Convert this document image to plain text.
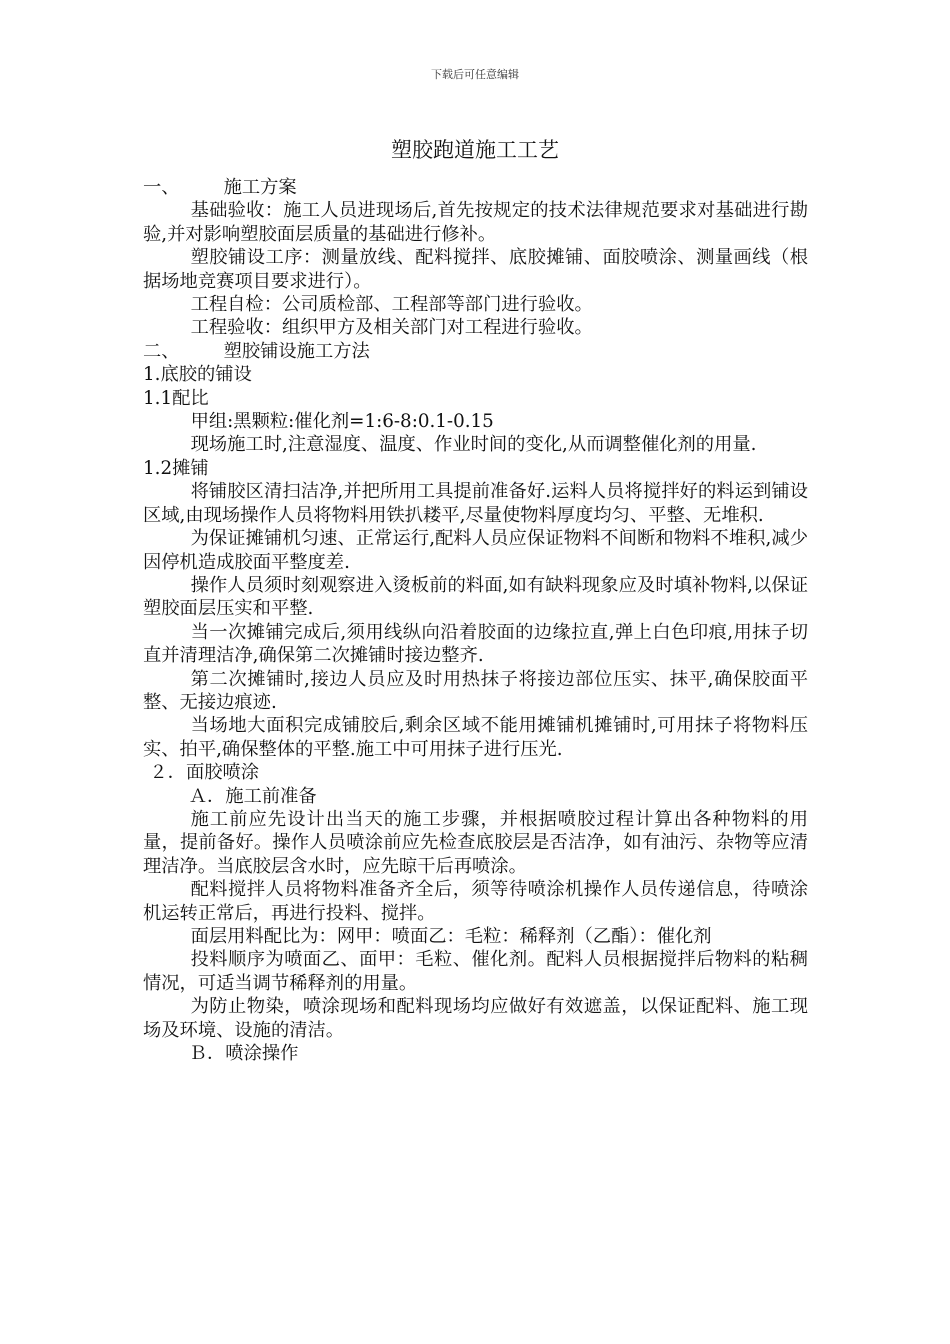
下载后可任意编辑
塑胶跑道施工工艺

一、 施工方案

基础验收：施工人员进现场后,首先按规定的技术法律规范要求对基础进行勘验,并对影响塑胶面层质量的基础进行修补。

塑胶铺设工序：测量放线、配料搅拌、底胶摊铺、面胶喷涂、测量画线（根据场地竞赛项目要求进行）。

工程自检：公司质检部、工程部等部门进行验收。

工程验收：组织甲方及相关部门对工程进行验收。

二、 塑胶铺设施工方法

1.底胶的铺设

1.1配比

甲组:黑颗粒:催化剂=1:6-8:0.1-0.15

现场施工时,注意湿度、温度、作业时间的变化,从而调整催化剂的用量.

1.2摊铺

将铺胶区清扫洁净,并把所用工具提前准备好.运料人员将搅拌好的料运到铺设区域,由现场操作人员将物料用铁扒耧平,尽量使物料厚度均匀、平整、无堆积.

为保证摊铺机匀速、正常运行,配料人员应保证物料不间断和物料不堆积,减少因停机造成胶面平整度差.

操作人员须时刻观察进入烫板前的料面,如有缺料现象应及时填补物料,以保证塑胶面层压实和平整.

当一次摊铺完成后,须用线纵向沿着胶面的边缘拉直,弹上白色印痕,用抹子切直并清理洁净,确保第二次摊铺时接边整齐.

第二次摊铺时,接边人员应及时用热抹子将接边部位压实、抹平,确保胶面平整、无接边痕迹.

当场地大面积完成铺胶后,剩余区域不能用摊铺机摊铺时,可用抹子将物料压实、拍平,确保整体的平整.施工中可用抹子进行压光.

２．面胶喷涂

Ａ．施工前准备

施工前应先设计出当天的施工步骤，并根据喷胶过程计算出各种物料的用量，提前备好。操作人员喷涂前应先检查底胶层是否洁净，如有油污、杂物等应清理洁净。当底胶层含水时，应先晾干后再喷涂。

配料搅拌人员将物料准备齐全后，须等待喷涂机操作人员传递信息，待喷涂机运转正常后，再进行投料、搅拌。

面层用料配比为：网甲：喷面乙：毛粒：稀释剂（乙酯）：催化剂

投料顺序为喷面乙、面甲：毛粒、催化剂。配料人员根据搅拌后物料的粘稠情况，可适当调节稀释剂的用量。

为防止物染，喷涂现场和配料现场均应做好有效遮盖，以保证配料、施工现场及环境、设施的清洁。

Ｂ．喷涂操作
